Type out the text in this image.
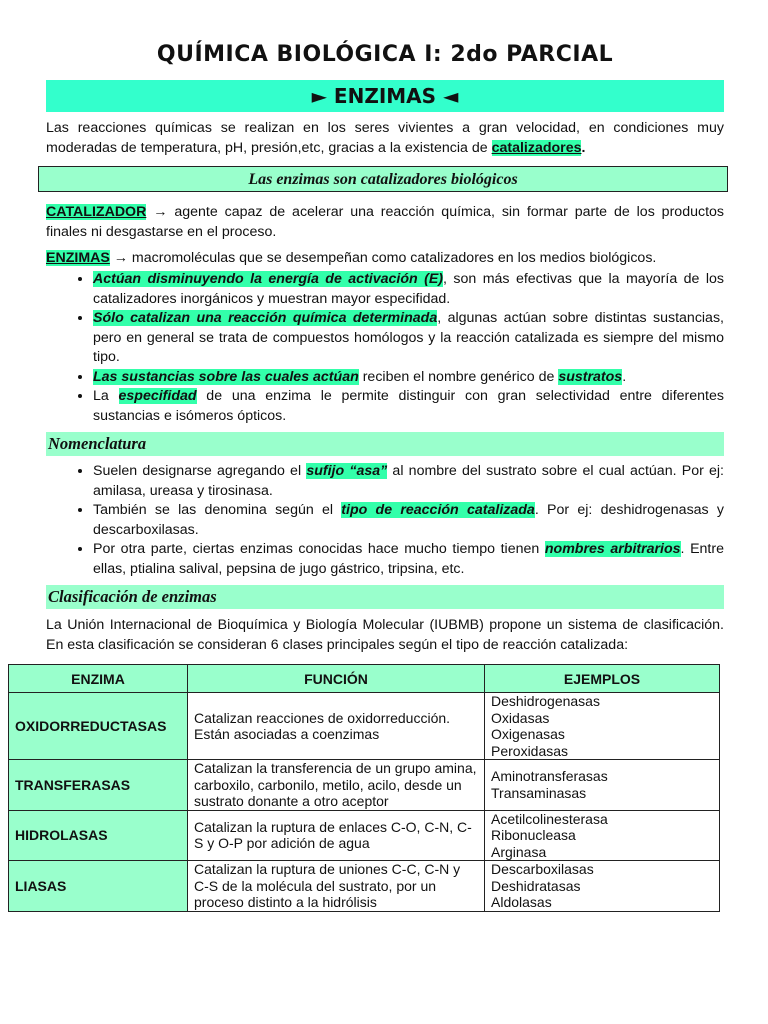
QUÍMICA BIOLÓGICA I: 2do PARCIAL
► ENZIMAS ◄

Las reacciones químicas se realizan en los seres vivientes a gran velocidad, en condiciones muy moderadas de temperatura, pH, presión,etc, gracias a la existencia de catalizadores.

Las enzimas son catalizadores biológicos

CATALIZADOR → agente capaz de acelerar una reacción química, sin formar parte de los productos finales ni desgastarse en el proceso.

ENZIMAS → macromoléculas que se desempeñan como catalizadores en los medios biológicos.

• Actúan disminuyendo la energía de activación (E), son más efectivas que la mayoría de los catalizadores inorgánicos y muestran mayor especifidad.
• Sólo catalizan una reacción química determinada, algunas actúan sobre distintas sustancias, pero en general se trata de compuestos homólogos y la reacción catalizada es siempre del mismo tipo.
• Las sustancias sobre las cuales actúan reciben el nombre genérico de sustratos.
• La especifidad de una enzima le permite distinguir con gran selectividad entre diferentes sustancias e isómeros ópticos.
Nomenclatura
• Suelen designarse agregando el sufijo “asa” al nombre del sustrato sobre el cual actúan. Por ej: amilasa, ureasa y tirosinasa.
• También se las denomina según el tipo de reacción catalizada. Por ej: deshidrogenasas y descarboxilasas.
• Por otra parte, ciertas enzimas conocidas hace mucho tiempo tienen nombres arbitrarios. Entre ellas, ptialina salival, pepsina de jugo gástrico, tripsina, etc.
Clasificación de enzimas

La Unión Internacional de Bioquímica y Biología Molecular (IUBMB) propone un sistema de clasificación. En esta clasificación se consideran 6 clases principales según el tipo de reacción catalizada:

ENZIMA	FUNCIÓN	EJEMPLOS
OXIDORREDUCTASAS	Catalizan reacciones de oxidorreducción. Están asociadas a coenzimas	Deshidrogenasas
Oxidasas
Oxigenasas
Peroxidasas

TRANSFERASAS	Catalizan la transferencia de un grupo amina, carboxilo, carbonilo, metilo, acilo, desde un sustrato donante a otro aceptor	Aminotransferasas
Transaminasas

HIDROLASAS	Catalizan la ruptura de enlaces C-O, C-N, C-S y O-P por adición de agua	Acetilcolinesterasa
Ribonucleasa
Arginasa

LIASAS	Catalizan la ruptura de uniones C-C, C-N y C-S de la molécula del sustrato, por un proceso distinto a la hidrólisis	Descarboxilasas
Deshidratasas
Aldolasas
